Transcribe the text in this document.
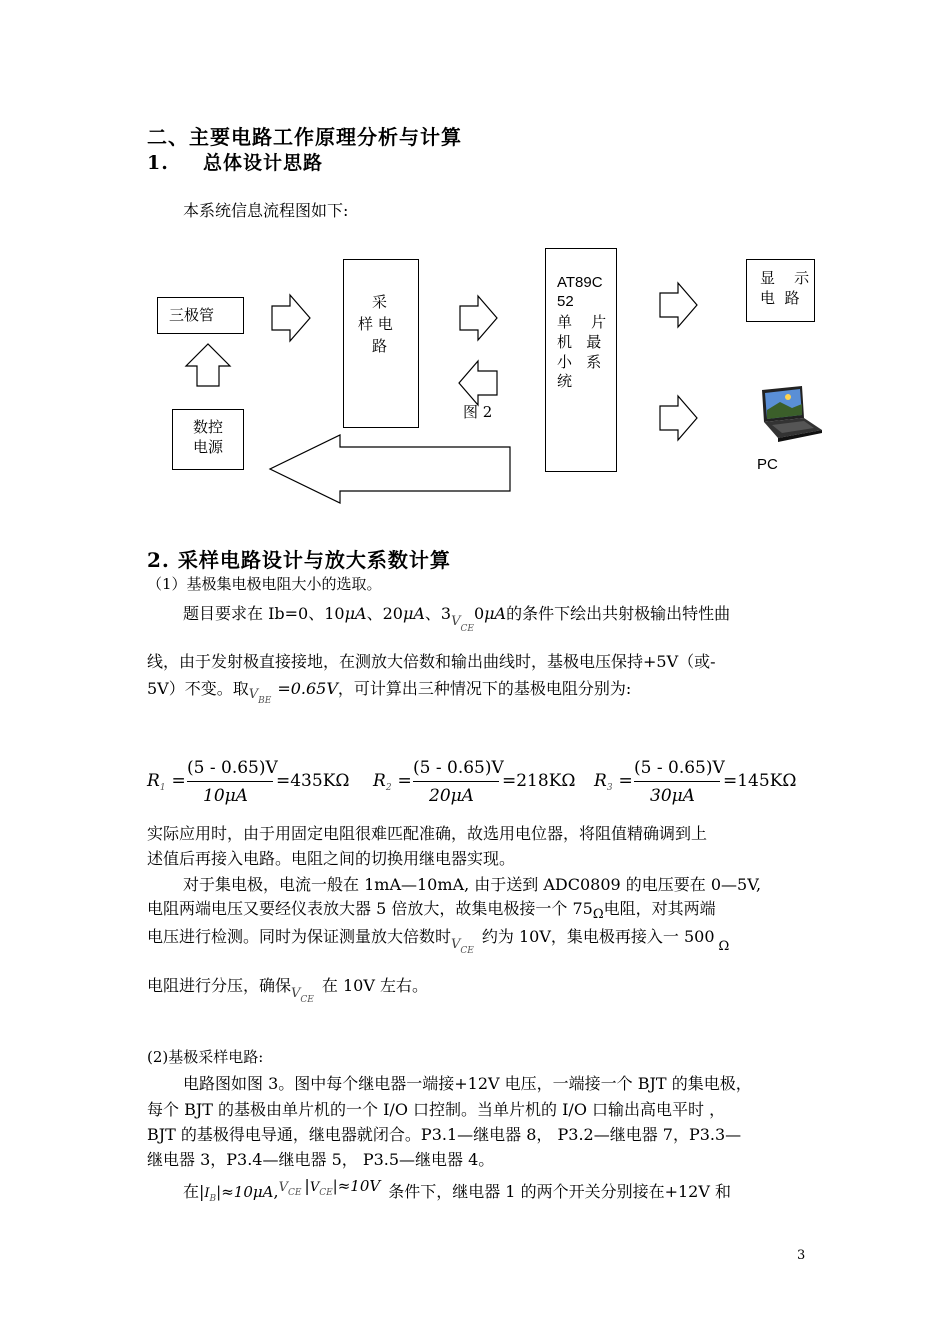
二、主要电路工作原理分析与计算
1. 总体设计思路
本系统信息流程图如下:
三极管
采
样 电
路
AT89C
52
单    片
机   最
小   系
统
显    示
电  路
数控
电源
图 2
PC
2. 采样电路设计与放大系数计算
（1）基极集电极电阻大小的选取。
题目要求在 Ib=0、10μA、20μA、$3V_{CE}0\mu A$的条件下绘出共射极输出特性曲
线，由于发射极直接接地，在测放大倍数和输出曲线时，基极电压保持+5V（或-
5V）不变。取$V_{BE}=0.65V$，可计算出三种情况下的基极电阻分别为:
$R_1$ =
(5 - 0.65)V
10μA
=435KΩ $R_2$ =
(5 - 0.65)V
20μA
=218KΩ $R_3$ =
(5 - 0.65)V
30μA
=145KΩ
实际应用时，由于用固定电阻很难匹配准确，故选用电位器，将阻值精确调到上
述值后再接入电路。电阻之间的切换用继电器实现。
对于集电极，电流一般在 1mA—10mA, 由于送到 ADC0809 的电压要在 0—5V,
电阻两端电压又要经仪表放大器 5 倍放大，故集电极接一个 $75_\Omega$电阻，对其两端
电压进行检测。同时为保证测量放大倍数时$V_{CE}$约为 10V，集电极再接入一 $500_\Omega$
电阻进行分压，确保$V_{CE}$在 10V 左右。
(2)基极采样电路:
电路图如图 3。图中每个继电器一端接+12V 电压，一端接一个 BJT 的集电极，
每个 BJT 的基极由单片机的一个 I/O 口控制。当单片机的 I/O 口输出高电平时 ，
BJT 的基极得电导通，继电器就闭合。P3.1—继电器 8， P3.2—继电器 7，P3.3—
继电器 3，P3.4—继电器 5， P3.5—继电器 4。
在$|I_B|\approx 10\mu A,V_{CE}$ $|V_{CE}|\approx 10V$ 条件下，继电器 1 的两个开关分别接在+12V 和
3
